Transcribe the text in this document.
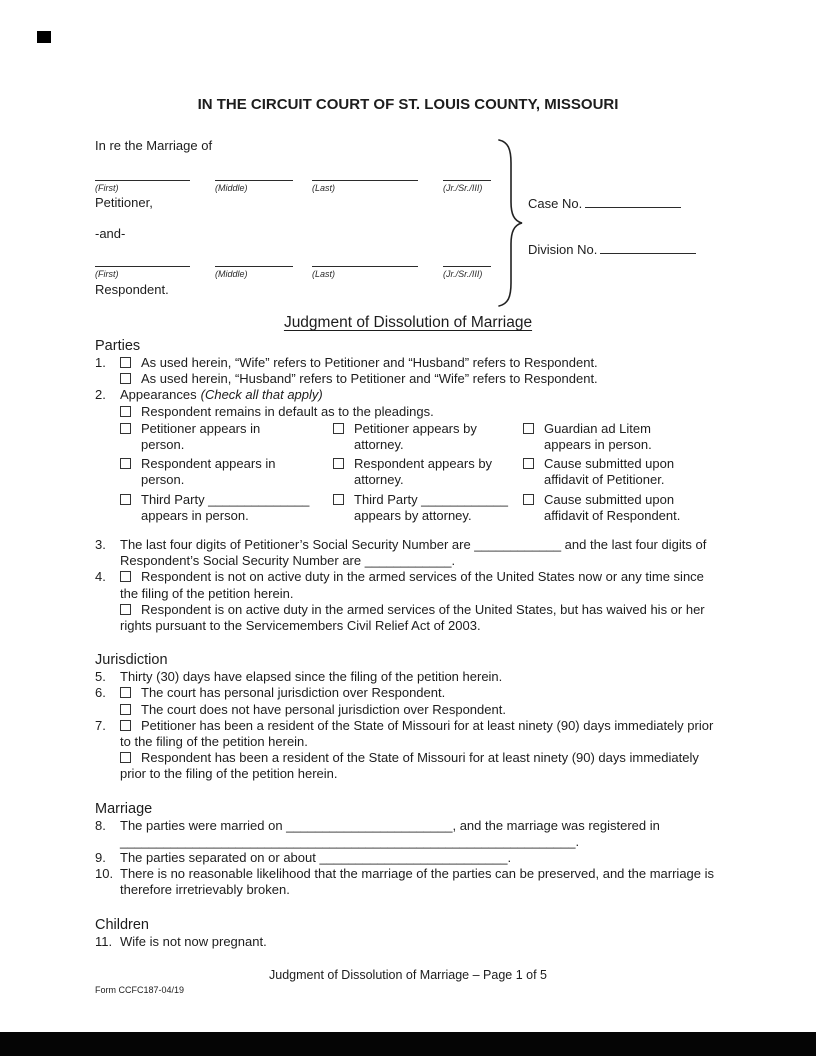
IN THE CIRCUIT COURT OF ST. LOUIS COUNTY, MISSOURI
In re the Marriage of
(First)	(Middle)	(Last)	(Jr./Sr./III)
Petitioner,
-and-
(First)	(Middle)	(Last)	(Jr./Sr./III)
Respondent.
Case No.
Division No.
Judgment of Dissolution of Marriage
Parties
1.	As used herein, “Wife” refers to Petitioner and “Husband” refers to Respondent.
As used herein, “Husband” refers to Petitioner and “Wife” refers to Respondent.
2.	Appearances (Check all that apply)
Respondent remains in default as to the pleadings.
Petitioner appears in
person.
Petitioner appears by
attorney.
Guardian ad Litem
appears in person.
Respondent appears in
person.
Respondent appears by
attorney.
Cause submitted upon
affidavit of Petitioner.
Third Party ______________
appears in person.
Third Party ____________
appears by attorney.
Cause submitted upon
affidavit of Respondent.
3.	The last four digits of Petitioner’s Social Security Number are ____________ and the last four digits of Respondent’s Social Security Number are ____________.
4.	Respondent is not on active duty in the armed services of the United States now or any time since the filing of the petition herein.
Respondent is on active duty in the armed services of the United States, but has waived his or her rights pursuant to the Servicemembers Civil Relief Act of 2003.
Jurisdiction
5.	Thirty (30) days have elapsed since the filing of the petition herein.
6.	The court has personal jurisdiction over Respondent.
The court does not have personal jurisdiction over Respondent.
7.	Petitioner has been a resident of the State of Missouri for at least ninety (90) days immediately prior to the filing of the petition herein.
Respondent has been a resident of the State of Missouri for at least ninety (90) days immediately prior to the filing of the petition herein.
Marriage
8.	The parties were married on _______________________, and the marriage was registered in _______________________________________________________________.
9.	The parties separated on or about __________________________.
10. There is no reasonable likelihood that the marriage of the parties can be preserved, and the marriage is therefore irretrievably broken.
Children
11. Wife is not now pregnant.
Judgment of Dissolution of Marriage – Page 1 of 5
Form CCFC187-04/19
